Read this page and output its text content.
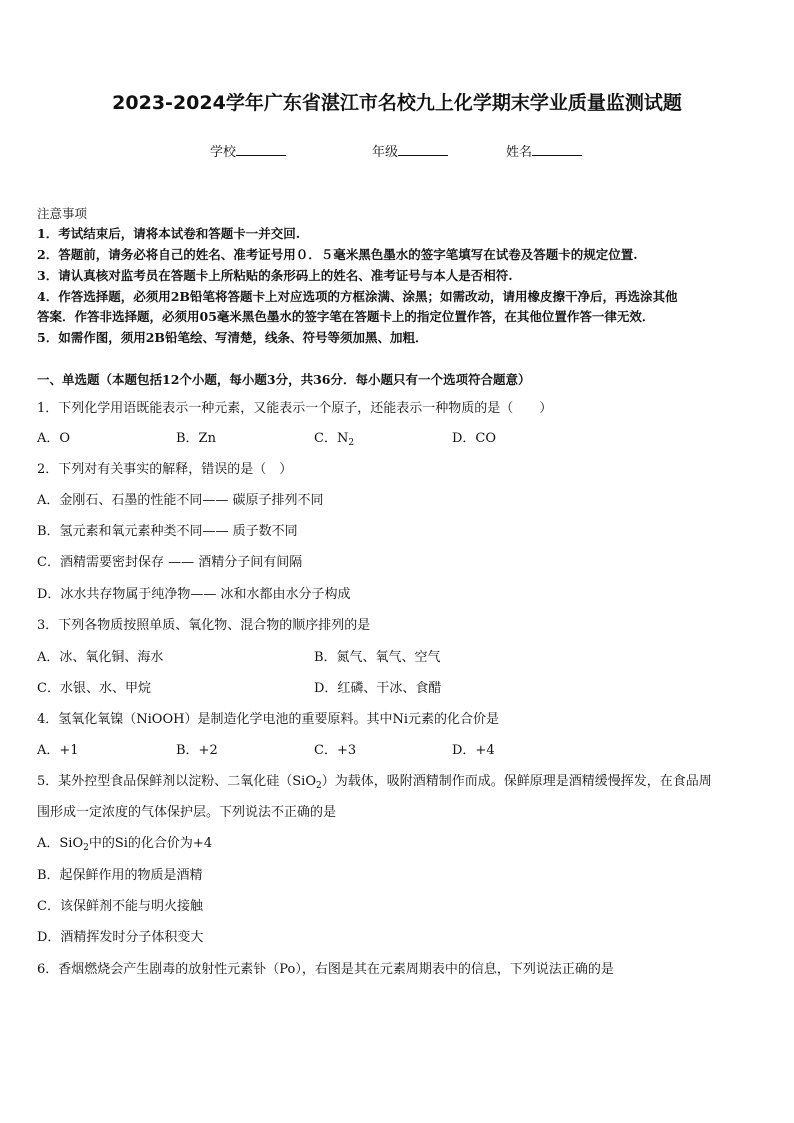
2023-2024学年广东省湛江市名校九上化学期末学业质量监测试题
学校	年级	姓名
注意事项
1．考试结束后，请将本试卷和答题卡一并交回.
2．答题前，请务必将自己的姓名、准考证号用０．５毫米黑色墨水的签字笔填写在试卷及答题卡的规定位置.
3．请认真核对监考员在答题卡上所粘贴的条形码上的姓名、准考证号与本人是否相符.
4．作答选择题，必须用2B铅笔将答题卡上对应选项的方框涂满、涂黑；如需改动，请用橡皮擦干净后，再选涂其他
答案．作答非选择题，必须用05毫米黑色墨水的签字笔在答题卡上的指定位置作答，在其他位置作答一律无效．
5．如需作图，须用2B铅笔绘、写清楚，线条、符号等须加黑、加粗．
一、单选题（本题包括12个小题，每小题3分，共36分．每小题只有一个选项符合题意）
1．下列化学用语既能表示一种元素，又能表示一个原子，还能表示一种物质的是（　　）
A．O	B．Zn	C．$N_2$	D．CO
2．下列对有关事实的解释，错误的是（　）
A．金刚石、石墨的性能不同—— 碳原子排列不同
B．氢元素和氧元素种类不同—— 质子数不同
C．酒精需要密封保存 —— 酒精分子间有间隔
D．冰水共存物属于纯净物—— 冰和水都由水分子构成
3．下列各物质按照单质、氧化物、混合物的顺序排列的是
A．冰、氧化铜、海水	B．氮气、氧气、空气
C．水银、水、甲烷	D．红磷、干冰、食醋
4．氢氧化氧镍（NiOOH）是制造化学电池的重要原料。其中Ni元素的化合价是
A．+1	B．+2	C．+3	D．+4
5．某外控型食品保鲜剂以淀粉、二氧化硅（SiO$_2$）为载体，吸附酒精制作而成。保鲜原理是酒精缓慢挥发，在食品周
围形成一定浓度的气体保护层。下列说法不正确的是
A．SiO$_2$中的Si的化合价为+4
B．起保鲜作用的物质是酒精
C．该保鲜剂不能与明火接触
D．酒精挥发时分子体积变大
6．香烟燃烧会产生剧毒的放射性元素钋（Po），右图是其在元素周期表中的信息，下列说法正确的是
